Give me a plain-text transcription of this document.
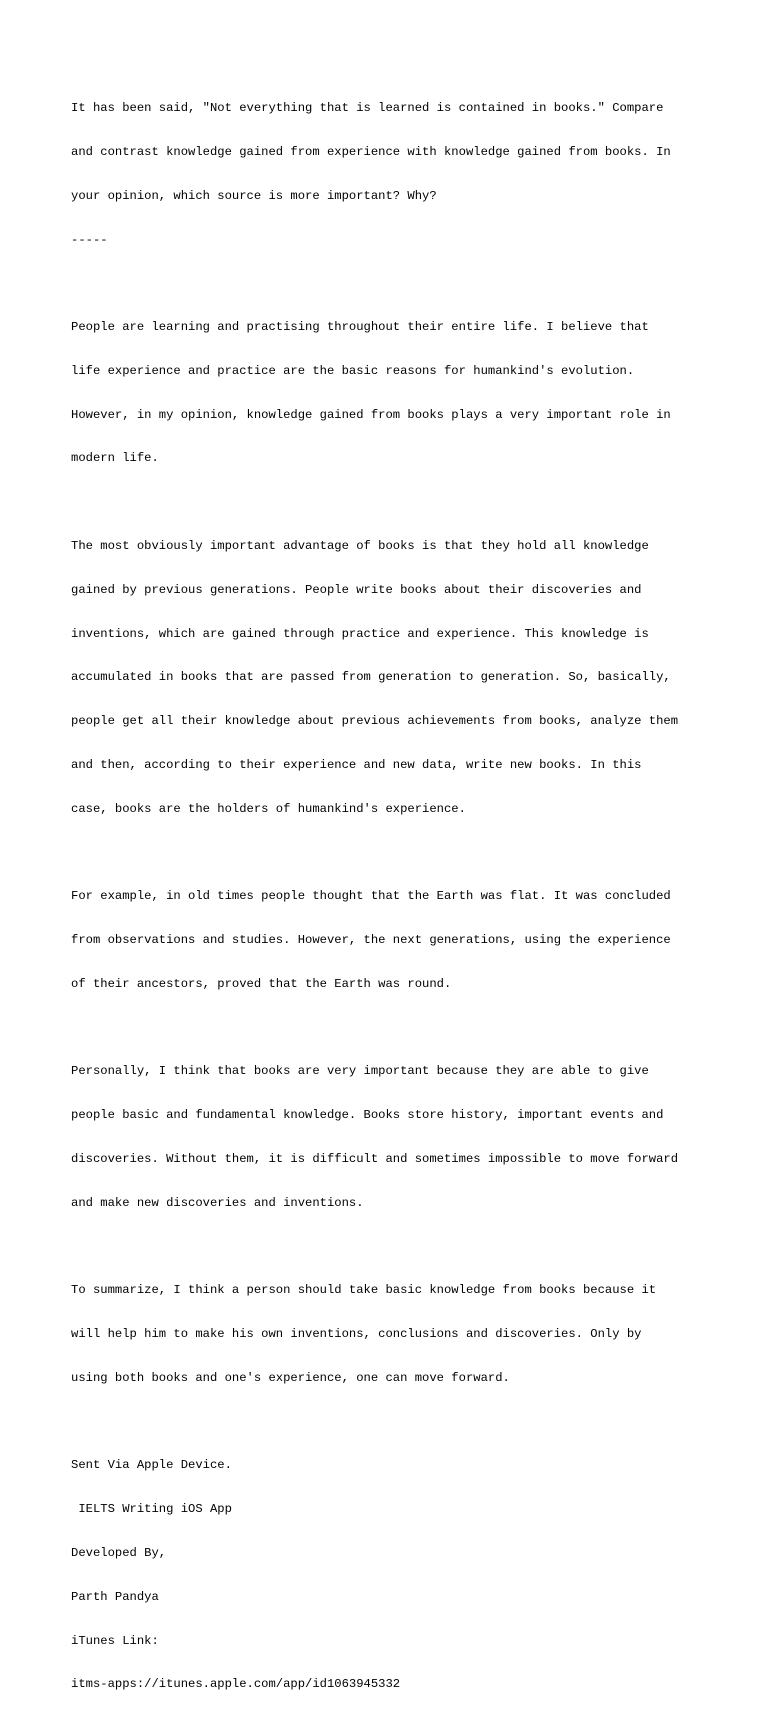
It has been said, "Not everything that is learned is contained in books." Compare

and contrast knowledge gained from experience with knowledge gained from books. In

your opinion, which source is more important? Why?

-----

People are learning and practising throughout their entire life. I believe that

life experience and practice are the basic reasons for humankind's evolution.

However, in my opinion, knowledge gained from books plays a very important role in

modern life.

The most obviously important advantage of books is that they hold all knowledge

gained by previous generations. People write books about their discoveries and

inventions, which are gained through practice and experience. This knowledge is

accumulated in books that are passed from generation to generation. So, basically,

people get all their knowledge about previous achievements from books, analyze them

and then, according to their experience and new data, write new books. In this

case, books are the holders of humankind's experience.

For example, in old times people thought that the Earth was flat. It was concluded

from observations and studies. However, the next generations, using the experience

of their ancestors, proved that the Earth was round.

Personally, I think that books are very important because they are able to give

people basic and fundamental knowledge. Books store history, important events and

discoveries. Without them, it is difficult and sometimes impossible to move forward

and make new discoveries and inventions.

To summarize, I think a person should take basic knowledge from books because it

will help him to make his own inventions, conclusions and discoveries. Only by

using both books and one's experience, one can move forward.

Sent Via Apple Device.

IELTS Writing iOS App

Developed By,

Parth Pandya

iTunes Link:

itms-apps://itunes.apple.com/app/id1063945332
